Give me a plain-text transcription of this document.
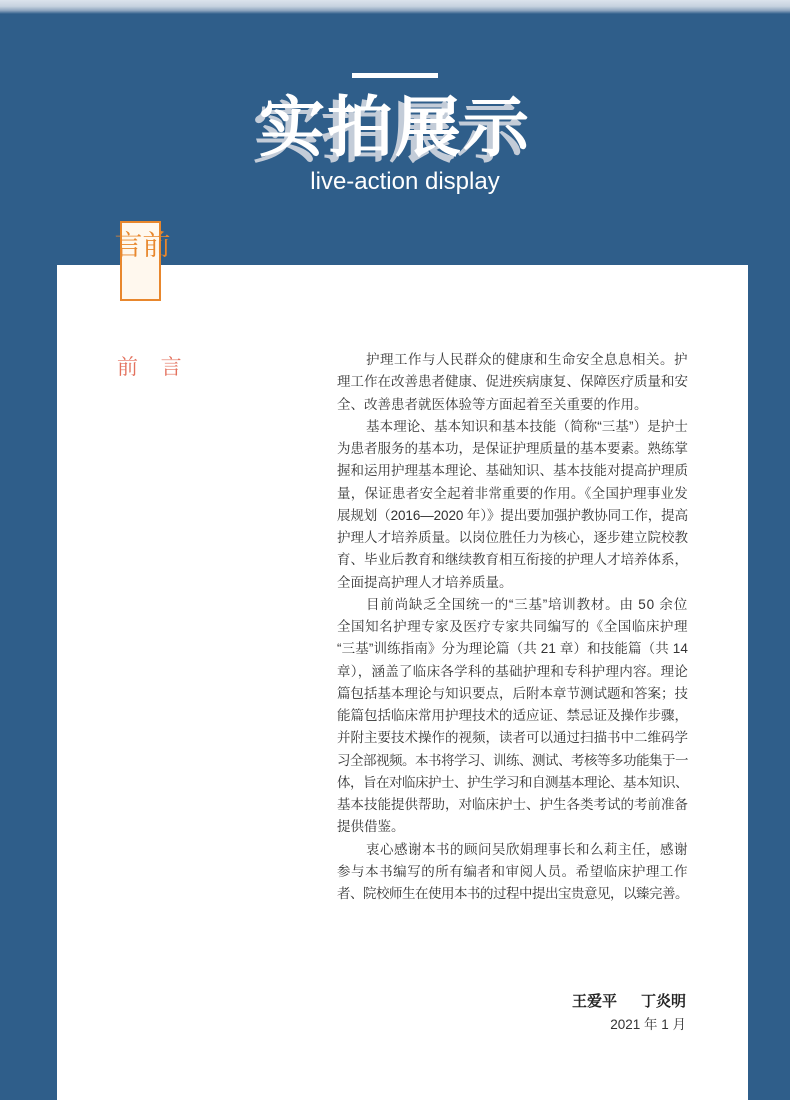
实拍展示
live-action display
前言
前 言	护理工作与人民群众的健康和生命安全息息相关。护
理工作在改善患者健康、促进疾病康复、保障医疗质量和安
全、改善患者就医体验等方面起着至关重要的作用。
基本理论、基本知识和基本技能（简称“三基”）是护士
为患者服务的基本功，是保证护理质量的基本要素。熟练掌
握和运用护理基本理论、基础知识、基本技能对提高护理质
量，保证患者安全起着非常重要的作用。《全国护理事业发
展规划（2016—2020 年）》提出要加强护教协同工作，提高
护理人才培养质量。以岗位胜任力为核心，逐步建立院校教
育、毕业后教育和继续教育相互衔接的护理人才培养体系，
全面提高护理人才培养质量。
目前尚缺乏全国统一的“三基”培训教材。由 50 余位
全国知名护理专家及医疗专家共同编写的《全国临床护理
“三基”训练指南》分为理论篇（共 21 章）和技能篇（共 14
章），涵盖了临床各学科的基础护理和专科护理内容。理论
篇包括基本理论与知识要点，后附本章节测试题和答案；技
能篇包括临床常用护理技术的适应证、禁忌证及操作步骤，
并附主要技术操作的视频，读者可以通过扫描书中二维码学
习全部视频。本书将学习、训练、测试、考核等多功能集于一
体，旨在对临床护士、护生学习和自测基本理论、基本知识、
基本技能提供帮助，对临床护士、护生各类考试的考前准备
提供借鉴。
衷心感谢本书的顾问吴欣娟理事长和么莉主任，感谢
参与本书编写的所有编者和审阅人员。希望临床护理工作
者、院校师生在使用本书的过程中提出宝贵意见，以臻完善。
王爱平 丁炎明
2021 年 1 月
